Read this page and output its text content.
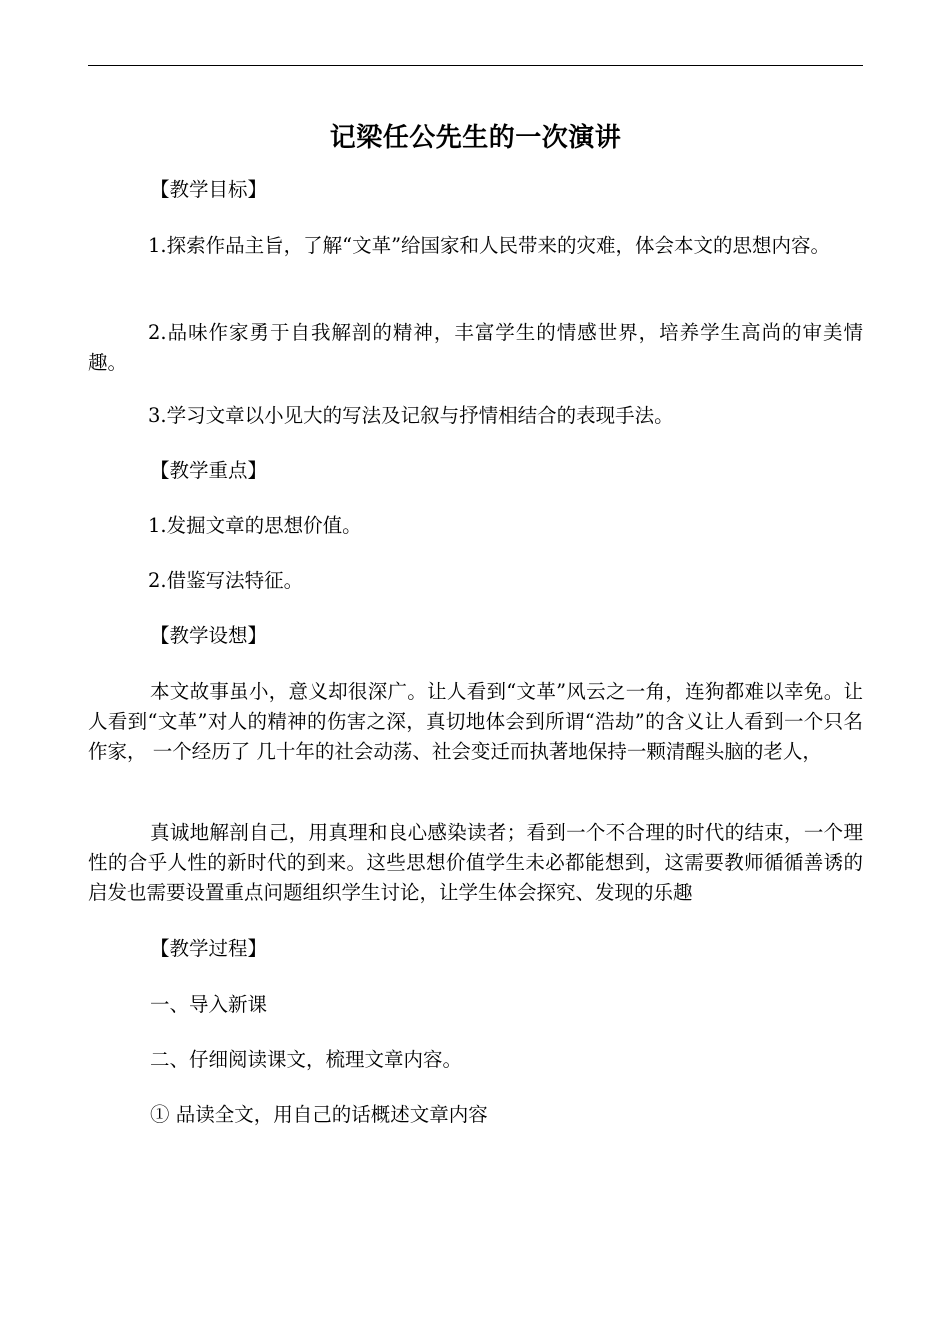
记梁任公先生的一次演讲

【教学目标】

1.探索作品主旨，了解“文革”给国家和人民带来的灾难，体会本文的思想内容。

2.品味作家勇于自我解剖的精神，丰富学生的情感世界，培养学生高尚的审美情趣。

3.学习文章以小见大的写法及记叙与抒情相结合的表现手法。

【教学重点】

1.发掘文章的思想价值。

2.借鉴写法特征。

【教学设想】

本文故事虽小，意义却很深广。让人看到“文革”风云之一角，连狗都难以幸免。让人看到“文革”对人的精神的伤害之深，真切地体会到所谓“浩劫”的含义让人看到一个只名作家， 一个经历了 几十年的社会动荡、社会变迁而执著地保持一颗清醒头脑的老人，

真诚地解剖自己，用真理和良心感染读者；看到一个不合理的时代的结束，一个理性的合乎人性的新时代的到来。这些思想价值学生未必都能想到，这需要教师循循善诱的启发也需要设置重点问题组织学生讨论，让学生体会探究、发现的乐趣

【教学过程】

一、导入新课

二、仔细阅读课文，梳理文章内容。

① 品读全文，用自己的话概述文章内容
